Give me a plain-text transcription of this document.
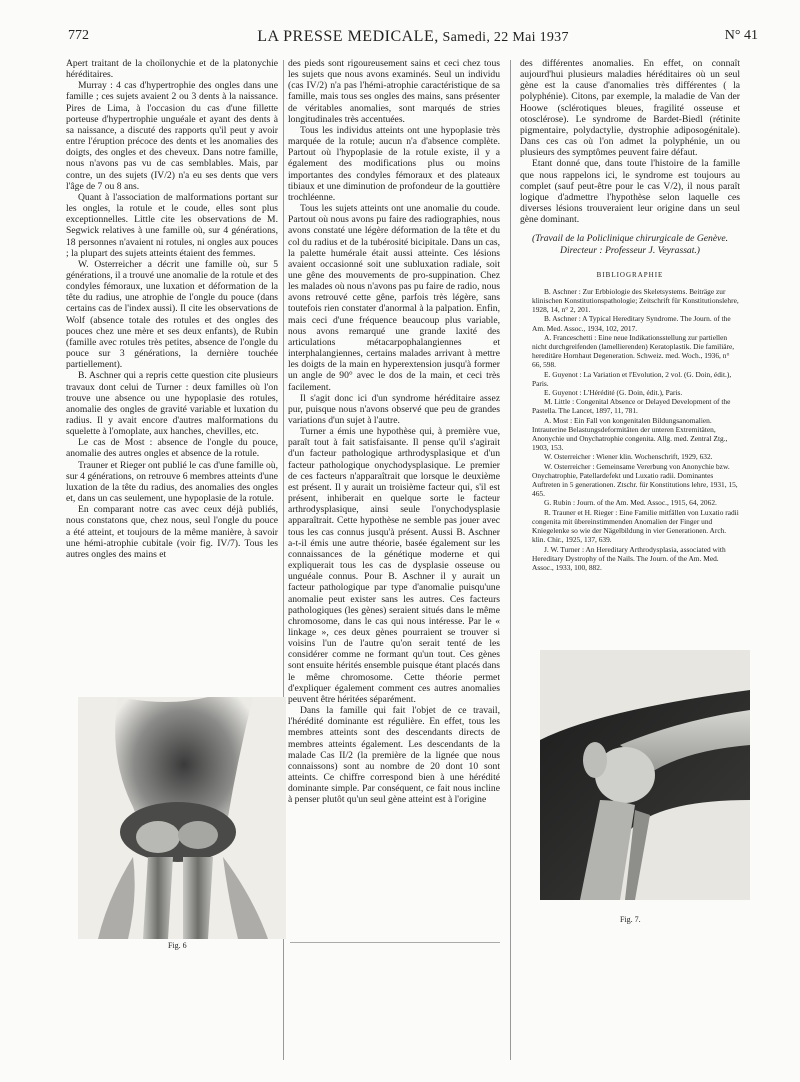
772	LA PRESSE MEDICALE, Samedi, 22 Mai 1937	N° 41

Apert traitant de la choïlonychie et de la platonychie héréditaires.

Murray : 4 cas d'hypertrophie des ongles dans une famille ; ces sujets avaient 2 ou 3 dents à la naissance. Pires de Lima, à l'occasion du cas d'une fillette porteuse d'hypertrophie unguéale et ayant des dents à sa naissance, a discuté des rapports qu'il peut y avoir entre l'éruption précoce des dents et les anomalies des doigts, des ongles et des cheveux. Dans notre famille, nous n'avons pas vu de cas semblables. Mais, par contre, un des sujets (IV/2) n'a eu ses dents que vers l'âge de 7 ou 8 ans.

Quant à l'association de malformations portant sur les ongles, la rotule et le coude, elles sont plus exceptionnelles. Little cite les observations de M. Segwick relatives à une famille où, sur 4 générations, 18 personnes n'avaient ni rotules, ni ongles aux pouces ; la plupart des sujets atteints étaient des femmes.

W. Osterreicher a décrit une famille où, sur 5 générations, il a trouvé une anomalie de la rotule et des condyles fémoraux, une luxation et déformation de la tête du radius, une atrophie de l'ongle du pouce (dans certains cas de l'index aussi). Il cite les observations de Wolf (absence totale des rotules et des ongles des pouces chez une mère et ses deux enfants), de Rubin (famille avec rotules très petites, absence de l'ongle du pouce sur 3 générations, la dernière touchée partiellement).

B. Aschner qui a repris cette question cite plusieurs travaux dont celui de Turner : deux familles où l'on trouve une absence ou une hypoplasie des rotules, anomalie des ongles de gravité variable et luxation du radius. Il y avait encore d'autres malformations du squelette à l'omoplate, aux hanches, chevilles, etc.

Le cas de Most : absence de l'ongle du pouce, anomalie des autres ongles et absence de la rotule.

Trauner et Rieger ont publié le cas d'une famille où, sur 4 générations, on retrouve 6 membres atteints d'une luxation de la tête du radius, des anomalies des ongles et, dans un cas seulement, une hypoplasie de la rotule.

En comparant notre cas avec ceux déjà publiés, nous constatons que, chez nous, seul l'ongle du pouce a été atteint, et toujours de la même manière, à savoir une hémi-atrophie cubitale (voir fig. IV/7). Tous les autres ongles des mains et

des pieds sont rigoureusement sains et ceci chez tous les sujets que nous avons examinés. Seul un individu (cas IV/2) n'a pas l'hémi-atrophie caractéristique de sa famille, mais tous ses ongles des mains, sans présenter de véritables anomalies, sont marqués de stries longitudinales très accentuées.

Tous les individus atteints ont une hypoplasie très marquée de la rotule; aucun n'a d'absence complète. Partout où l'hypoplasie de la rotule existe, il y a également des modifications plus ou moins importantes des condyles fémoraux et des plateaux tibiaux et une diminution de profondeur de la gouttière trochléenne.

Tous les sujets atteints ont une anomalie du coude. Partout où nous avons pu faire des radiographies, nous avons constaté une légère déformation de la tête et du col du radius et de la tubérosité bicipitale. Dans un cas, la palette humérale était aussi atteinte. Ces lésions avaient occasionné soit une subluxation radiale, soit une gêne des mouvements de pro-suppination. Chez les malades où nous n'avons pas pu faire de radio, nous avons retrouvé cette gêne, parfois très légère, sans toutefois rien constater d'anormal à la palpation. Enfin, mais ceci d'une fréquence beaucoup plus variable, nous avons remarqué une grande laxité des articulations métacarpophalangiennes et interphalangiennes, certains malades arrivant à mettre les doigts de la main en hyperextension jusqu'à former un angle de 90° avec le dos de la main, et ceci très facilement.

Il s'agit donc ici d'un syndrome héréditaire assez pur, puisque nous n'avons observé que peu de grandes variations d'un sujet à l'autre.

Turner a émis une hypothèse qui, à première vue, paraît tout à fait satisfaisante. Il pense qu'il s'agirait d'un facteur pathologique arthrodysplasique et d'un facteur pathologique onychodysplasique. Le premier de ces facteurs n'apparaîtrait que lorsque le deuxième est présent. Il y aurait un troisième facteur qui, s'il est présent, inhiberait en quelque sorte le facteur arthrodysplasique, ainsi seule l'onychodysplasie apparaîtrait. Cette hypothèse ne semble pas jouer avec tous les cas connus jusqu'à présent. Aussi B. Aschner a-t-il émis une autre théorie, basée également sur les connaissances de la génétique moderne et qui expliquerait tous les cas de dysplasie osseuse ou unguéale connus. Pour B. Aschner il y aurait un facteur pathologique par type d'anomalie puisqu'une anomalie peut exister sans les autres. Ces facteurs pathologiques (les gènes) seraient situés dans le même chromosome, dans le cas qui nous intéresse. Par le « linkage », ces deux gènes pourraient se trouver si voisins l'un de l'autre qu'on serait tenté de les considérer comme ne formant qu'un tout. Ces gènes sont ensuite hérités ensemble puisque étant placés dans le même chromosome. Cette théorie permet d'expliquer également comment ces autres anomalies peuvent être héritées séparément.

Dans la famille qui fait l'objet de ce travail, l'hérédité dominante est régulière. En effet, tous les membres atteints sont des descendants directs de membres atteints également. Les descendants de la malade Cas II/2 (la première de la lignée que nous connaissons) sont au nombre de 20 dont 10 sont atteints. Ce chiffre correspond bien à une hérédité dominante simple. Par conséquent, ce fait nous incline à penser plutôt qu'un seul gène atteint est à l'origine

des différentes anomalies. En effet, on connaît aujourd'hui plusieurs maladies héréditaires où un seul gène est la cause d'anomalies très différentes ( la polyphénie). Citons, par exemple, la maladie de Van der Hoowe (sclérotiques bleues, fragilité osseuse et otosclérose). Le syndrome de Bardet-Biedl (rétinite pigmentaire, polydactylie, dystrophie adiposogénitale). Dans ces cas où l'on admet la polyphénie, un ou plusieurs des symptômes peuvent faire défaut.

Etant donné que, dans toute l'histoire de la famille que nous rappelons ici, le syndrome est toujours au complet (sauf peut-être pour le cas V/2), il nous paraît logique d'admettre l'hypothèse selon laquelle ces diverses lésions trouveraient leur origine dans un seul gène dominant.

(Travail de la Policlinique chirurgicale de Genève.
Directeur : Professeur J. Veyrassat.)
BIBLIOGRAPHIE

B. Aschner : Zur Erbbiologie des Skeletsystems. Beiträge zur klinischen Konstitutionspathologie; Zeitschrift für Konstitutionslehre, 1928, 14, n° 2, 201.

B. Aschner : A Typical Hereditary Syndrome. The Journ. of the Am. Med. Assoc., 1934, 102, 2017.

A. Franceschetti : Eine neue Indikationsstellung zur partiellen nicht durchgreifenden (lamellierenden) Keratoplastik. Die familiäre, hereditäre Hornhaut Degeneration. Schweiz. med. Woch., 1936, n° 66, 598.

E. Guyenot : La Variation et l'Evolution, 2 vol. (G. Doin, édit.), Paris.

E. Guyenot : L'Hérédité (G. Doin, édit.), Paris.

M. Little : Congenital Absence or Delayed Development of the Pastella. The Lancet, 1897, 11, 781.

A. Most : Ein Fall von kongenitalen Bildungsanomalien. Intrauterine Belastungsdeformitäten der unteren Extremitäten, Anonychie und Onychatrophie congenita. Allg. med. Zentral Ztg., 1903, 153.

W. Osterreicher : Wiener klin. Wochenschrift, 1929, 632.

W. Osterreicher : Gemeinsame Vererbung von Anonychie bzw. Onychatrophie, Patellardefekt und Luxatio radii. Dominantes Auftreten in 5 generationen. Ztschr. für Konstitutions lehre, 1931, 15, 465.

G. Rubin : Journ. of the Am. Med. Assoc., 1915, 64, 2062.

R. Trauner et H. Rieger : Eine Familie mitfällen von Luxatio radii congenita mit übereinstimmenden Anomalien der Finger und Kniegelenke so wie der Nägelbildung in vier Generationen. Arch. klin. Chir., 1925, 137, 639.

J. W. Turner : An Hereditary Arthrodysplasia, associated with Hereditary Dystrophy of the Nails. The Journ. of the Am. Med. Assoc., 1933, 100, 882.

Fig. 6
Fig. 7.
